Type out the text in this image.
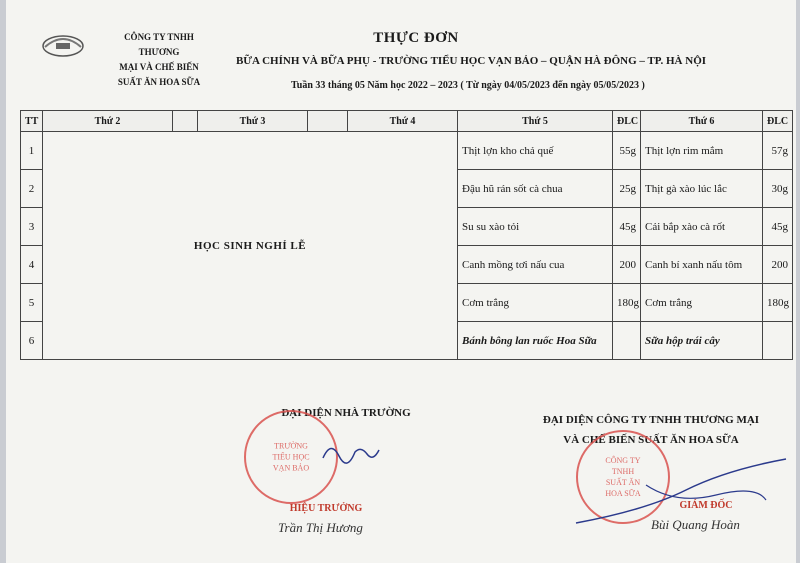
CÔNG TY TNHH THƯƠNG
MẠI VÀ CHẾ BIẾN
SUẤT ĂN HOA SỮA
THỰC ĐƠN
BỮA CHÍNH VÀ BỮA PHỤ - TRƯỜNG TIỂU HỌC VẠN BẢO – QUẬN HÀ ĐÔNG – TP. HÀ NỘI
Tuần 33 tháng 05 Năm học 2022 – 2023 ( Từ ngày 04/05/2023 đến ngày 05/05/2023 )
TT	Thứ 2		Thứ 3		Thứ 4	Thứ 5	ĐLC	Thứ 6	ĐLC
1	HỌC SINH NGHỈ LỄ					Thịt lợn kho chả quế	55g	Thịt lợn rim mắm	57g
2						Đậu hũ rán sốt cà chua	25g	Thịt gà xào lúc lắc	30g
3						Su su xào tỏi	45g	Cải bắp xào cà rốt	45g
4						Canh mồng tơi nấu cua	200	Canh bí xanh nấu tôm	200
5						Cơm trắng	180g	Cơm trắng	180g
6						Bánh bông lan ruốc Hoa Sữa		Sữa hộp trái cây	
ĐẠI DIỆN NHÀ TRƯỜNG
TRƯỜNG
TIỂU HỌC
VẠN BẢO
HIỆU TRƯỞNG
Trần Thị Hương
ĐẠI DIỆN CÔNG TY TNHH THƯƠNG MẠI
VÀ CHẾ BIẾN SUẤT ĂN HOA SỮA
CÔNG TY
TNHH
SUẤT ĂN
HOA SỮA
GIÁM ĐỐC
Bùi Quang Hoàn
